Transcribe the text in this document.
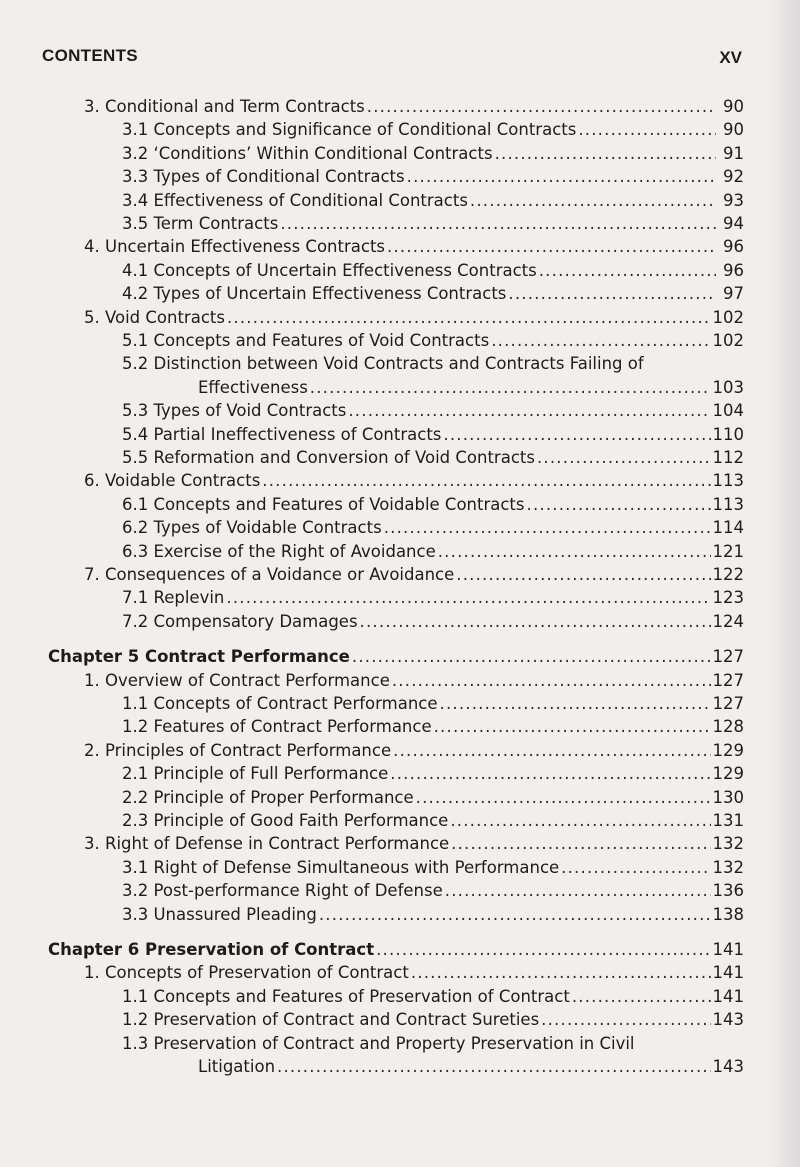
CONTENTS	XV
3. Conditional and Term Contracts .....	90
3.1 Concepts and Significance of Conditional Contracts .....	90
3.2 ‘Conditions’ Within Conditional Contracts .....	91
3.3 Types of Conditional Contracts .....	92
3.4 Effectiveness of Conditional Contracts .....	93
3.5 Term Contracts .....	94
4. Uncertain Effectiveness Contracts .....	96
4.1 Concepts of Uncertain Effectiveness Contracts .....	96
4.2 Types of Uncertain Effectiveness Contracts .....	97
5. Void Contracts .....	102
5.1 Concepts and Features of Void Contracts .....	102
5.2 Distinction between Void Contracts and Contracts Failing of
Effectiveness .....	103
5.3 Types of Void Contracts .....	104
5.4 Partial Ineffectiveness of Contracts .....	110
5.5 Reformation and Conversion of Void Contracts .....	112
6. Voidable Contracts .....	113
6.1 Concepts and Features of Voidable Contracts .....	113
6.2 Types of Voidable Contracts .....	114
6.3 Exercise of the Right of Avoidance .....	121
7. Consequences of a Voidance or Avoidance .....	122
7.1 Replevin .....	123
7.2 Compensatory Damages .....	124
Chapter 5 Contract Performance .....	127
1. Overview of Contract Performance .....	127
1.1 Concepts of Contract Performance .....	127
1.2 Features of Contract Performance .....	128
2. Principles of Contract Performance .....	129
2.1 Principle of Full Performance .....	129
2.2 Principle of Proper Performance .....	130
2.3 Principle of Good Faith Performance .....	131
3. Right of Defense in Contract Performance .....	132
3.1 Right of Defense Simultaneous with Performance .....	132
3.2 Post-performance Right of Defense .....	136
3.3 Unassured Pleading .....	138
Chapter 6 Preservation of Contract .....	141
1. Concepts of Preservation of Contract .....	141
1.1 Concepts and Features of Preservation of Contract .....	141
1.2 Preservation of Contract and Contract Sureties .....	143
1.3 Preservation of Contract and Property Preservation in Civil
Litigation .....	143
